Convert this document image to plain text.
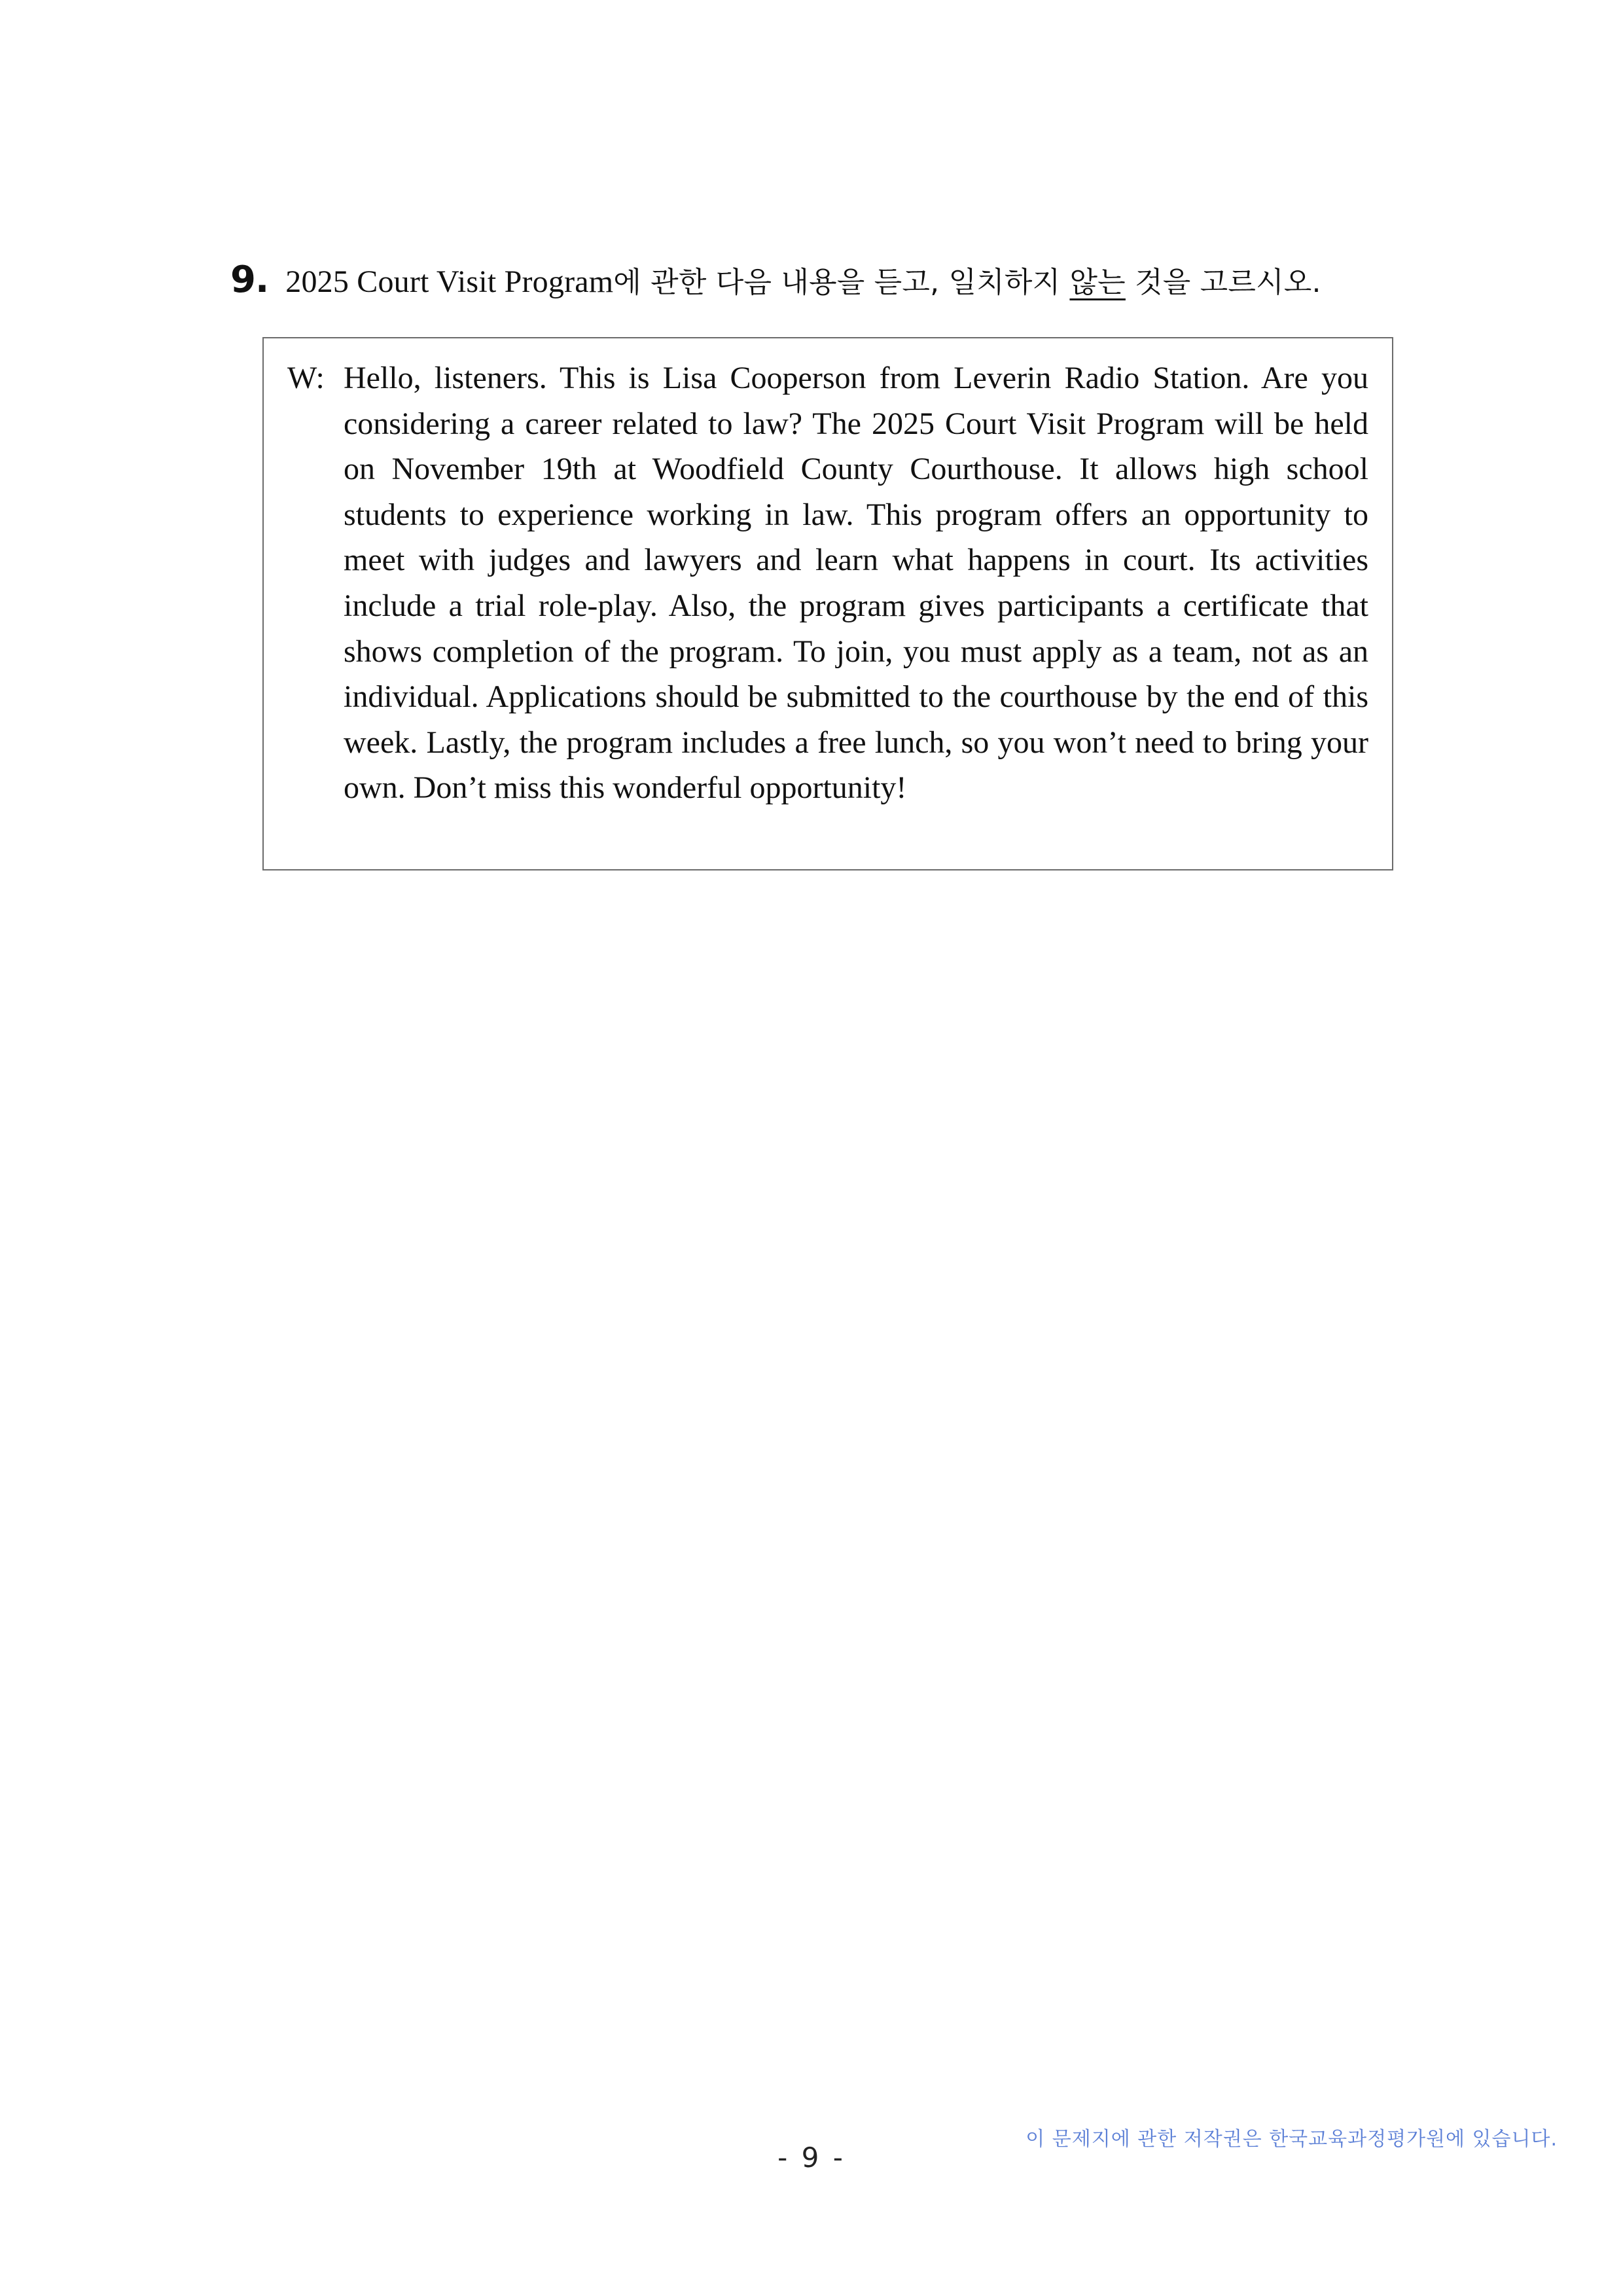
9. 2025 Court Visit Program에 관한 다음 내용을 듣고, 일치하지 않는 것을 고르시오.
W: Hello, listeners. This is Lisa Cooperson from Leverin Radio Station. Are you considering a career related to law? The 2025 Court Visit Program will be held on November 19th at Woodfield County Courthouse. It allows high school students to experience working in law. This program offers an opportunity to meet with judges and lawyers and learn what happens in court. Its activities include a trial role-play. Also, the program gives participants a certificate that shows completion of the program. To join, you must apply as a team, not as an individual. Applications should be submitted to the courthouse by the end of this week. Lastly, the program includes a free lunch, so you won’t need to bring your own. Don’t miss this wonderful opportunity!
이 문제지에 관한 저작권은 한국교육과정평가원에 있습니다.
- 9 -
